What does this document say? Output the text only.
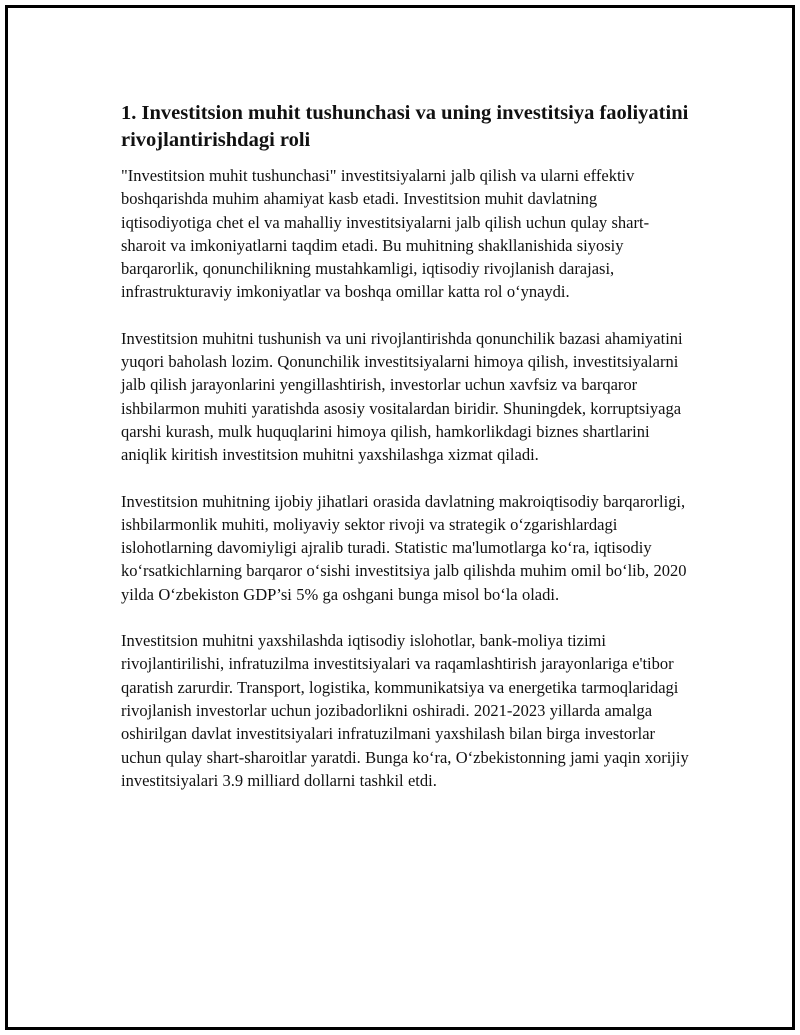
1. Investitsion muhit tushunchasi va uning investitsiya faoliyatini rivojlantirishdagi roli

"Investitsion muhit tushunchasi" investitsiyalarni jalb qilish va ularni effektiv boshqarishda muhim ahamiyat kasb etadi. Investitsion muhit davlatning iqtisodiyotiga chet el va mahalliy investitsiyalarni jalb qilish uchun qulay shart-sharoit va imkoniyatlarni taqdim etadi. Bu muhitning shakllanishida siyosiy barqarorlik, qonunchilikning mustahkamligi, iqtisodiy rivojlanish darajasi, infrastrukturaviy imkoniyatlar va boshqa omillar katta rol oʻynaydi.

Investitsion muhitni tushunish va uni rivojlantirishda qonunchilik bazasi ahamiyatini yuqori baholash lozim. Qonunchilik investitsiyalarni himoya qilish, investitsiyalarni jalb qilish jarayonlarini yengillashtirish, investorlar uchun xavfsiz va barqaror ishbilarmon muhiti yaratishda asosiy vositalardan biridir. Shuningdek, korruptsiyaga qarshi kurash, mulk huquqlarini himoya qilish, hamkorlikdagi biznes shartlarini aniqlik kiritish investitsion muhitni yaxshilashga xizmat qiladi.

Investitsion muhitning ijobiy jihatlari orasida davlatning makroiqtisodiy barqarorligi, ishbilarmonlik muhiti, moliyaviy sektor rivoji va strategik oʻzgarishlardagi islohotlarning davomiyligi ajralib turadi. Statistic ma'lumotlarga koʻra, iqtisodiy koʻrsatkichlarning barqaror oʻsishi investitsiya jalb qilishda muhim omil boʻlib, 2020 yilda Oʻzbekiston GDP’si 5% ga oshgani bunga misol boʻla oladi.

Investitsion muhitni yaxshilashda iqtisodiy islohotlar, bank-moliya tizimi rivojlantirilishi, infratuzilma investitsiyalari va raqamlashtirish jarayonlariga e'tibor qaratish zarurdir. Transport, logistika, kommunikatsiya va energetika tarmoqlaridagi rivojlanish investorlar uchun jozibadorlikni oshiradi. 2021-2023 yillarda amalga oshirilgan davlat investitsiyalari infratuzilmani yaxshilash bilan birga investorlar uchun qulay shart-sharoitlar yaratdi. Bunga koʻra, Oʻzbekistonning jami yaqin xorijiy investitsiyalari 3.9 milliard dollarni tashkil etdi.
